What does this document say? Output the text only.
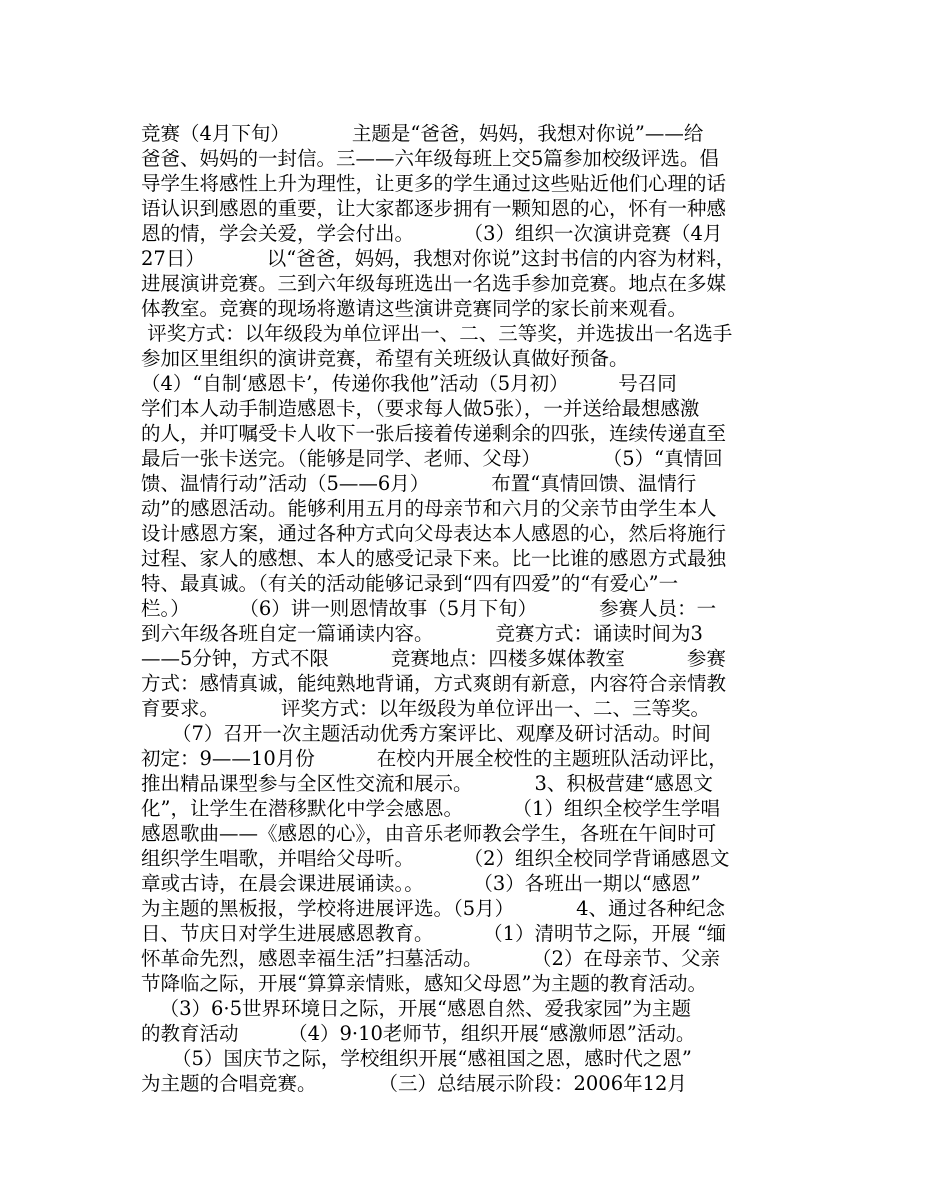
竞赛（4月下旬）          主题是“爸爸，妈妈，我想对你说”——给
爸爸、妈妈的一封信。三——六年级每班上交5篇参加校级评选。倡
导学生将感性上升为理性，让更多的学生通过这些贴近他们心理的话
语认识到感恩的重要，让大家都逐步拥有一颗知恩的心，怀有一种感
恩的情，学会关爱，学会付出。        （3）组织一次演讲竞赛（4月
27日）          以“爸爸，妈妈，我想对你说”这封书信的内容为材料，
进展演讲竞赛。三到六年级每班选出一名选手参加竞赛。地点在多媒
体教室。竞赛的现场将邀请这些演讲竞赛同学的家长前来观看。
评奖方式：以年级段为单位评出一、二、三等奖，并选拔出一名选手
参加区里组织的演讲竞赛，希望有关班级认真做好预备。
（4）“自制‘感恩卡’，传递你我他”活动（5月初）        号召同
学们本人动手制造感恩卡，（要求每人做5张），一并送给最想感激
的人，并叮嘱受卡人收下一张后接着传递剩余的四张，连续传递直至
最后一张卡送完。（能够是同学、老师、父母）          （5）“真情回
馈、温情行动”活动（5——6月）          布置“真情回馈、温情行
动”的感恩活动。能够利用五月的母亲节和六月的父亲节由学生本人
设计感恩方案，通过各种方式向父母表达本人感恩的心，然后将施行
过程、家人的感想、本人的感受记录下来。比一比谁的感恩方式最独
特、最真诚。（有关的活动能够记录到“四有四爱”的“有爱心”一
栏。）        （6）讲一则恩情故事（5月下旬）          参赛人员：一
到六年级各班自定一篇诵读内容。          竞赛方式：诵读时间为3
——5分钟，方式不限          竞赛地点：四楼多媒体教室          参赛
方式：感情真诚，能纯熟地背诵，方式爽朗有新意，内容符合亲情教
育要求。          评奖方式：以年级段为单位评出一、二、三等奖。
（7）召开一次主题活动优秀方案评比、观摩及研讨活动。时间
初定：9——10月份          在校内开展全校性的主题班队活动评比，
推出精品课型参与全区性交流和展示。          3、积极营建“感恩文
化”，让学生在潜移默化中学会感恩。        （1）组织全校学生学唱
感恩歌曲——《感恩的心》，由音乐老师教会学生，各班在午间时可
组织学生唱歌，并唱给父母听。        （2）组织全校同学背诵感恩文
章或古诗，在晨会课进展诵读。。        （3）各班出一期以“感恩”
为主题的黑板报，学校将进展评选。（5月）          4、通过各种纪念
日、节庆日对学生进展感恩教育。        （1）清明节之际，开展 “缅
怀革命先烈，感恩幸福生活”扫墓活动。        （2）在母亲节、父亲
节降临之际，开展“算算亲情账，感知父母恩”为主题的教育活动。
（3）6·5世界环境日之际，开展“感恩自然、爱我家园”为主题
的教育活动        （4）9·10老师节，组织开展“感激师恩”活动。
（5）国庆节之际，学校组织开展“感祖国之恩，感时代之恩”
为主题的合唱竞赛。          （三）总结展示阶段：2006年12月
